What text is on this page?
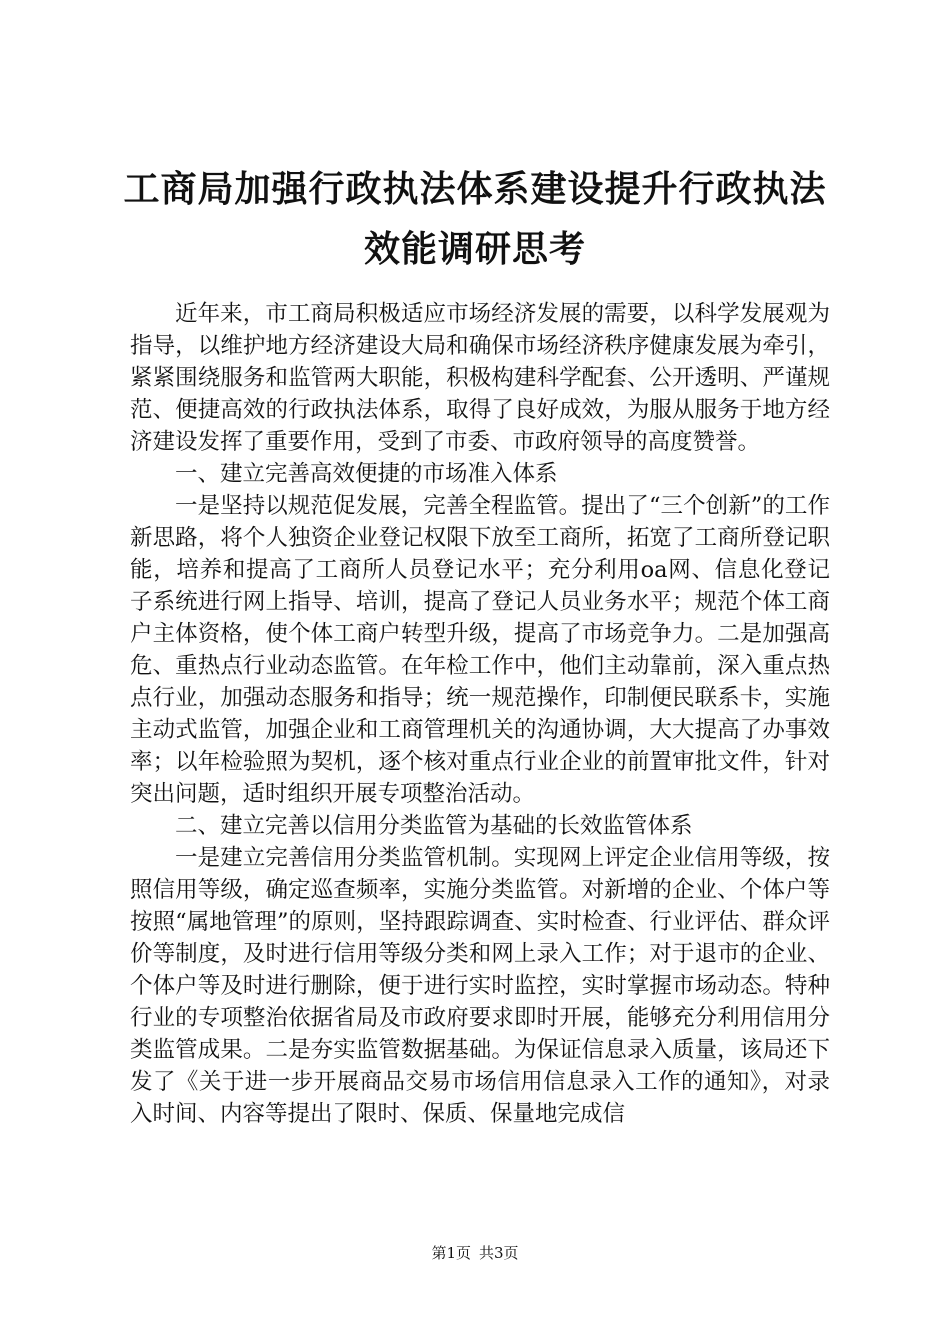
工商局加强行政执法体系建设提升行政执法效能调研思考

近年来，市工商局积极适应市场经济发展的需要，以科学发展观为指导，以维护地方经济建设大局和确保市场经济秩序健康发展为牵引，紧紧围绕服务和监管两大职能，积极构建科学配套、公开透明、严谨规范、便捷高效的行政执法体系，取得了良好成效，为服从服务于地方经济建设发挥了重要作用，受到了市委、市政府领导的高度赞誉。

一、建立完善高效便捷的市场准入体系

一是坚持以规范促发展，完善全程监管。提出了“三个创新”的工作新思路，将个人独资企业登记权限下放至工商所，拓宽了工商所登记职能，培养和提高了工商所人员登记水平；充分利用oa网、信息化登记子系统进行网上指导、培训，提高了登记人员业务水平；规范个体工商户主体资格，使个体工商户转型升级，提高了市场竞争力。二是加强高危、重热点行业动态监管。在年检工作中，他们主动靠前，深入重点热点行业，加强动态服务和指导；统一规范操作，印制便民联系卡，实施主动式监管，加强企业和工商管理机关的沟通协调，大大提高了办事效率；以年检验照为契机，逐个核对重点行业企业的前置审批文件，针对突出问题，适时组织开展专项整治活动。

二、建立完善以信用分类监管为基础的长效监管体系

一是建立完善信用分类监管机制。实现网上评定企业信用等级，按照信用等级，确定巡查频率，实施分类监管。对新增的企业、个体户等按照“属地管理”的原则，坚持跟踪调查、实时检查、行业评估、群众评价等制度，及时进行信用等级分类和网上录入工作；对于退市的企业、个体户等及时进行删除，便于进行实时监控，实时掌握市场动态。特种行业的专项整治依据省局及市政府要求即时开展，能够充分利用信用分类监管成果。二是夯实监管数据基础。为保证信息录入质量，该局还下发了《关于进一步开展商品交易市场信用信息录入工作的通知》，对录入时间、内容等提出了限时、保质、保量地完成信

第1页 共3页
